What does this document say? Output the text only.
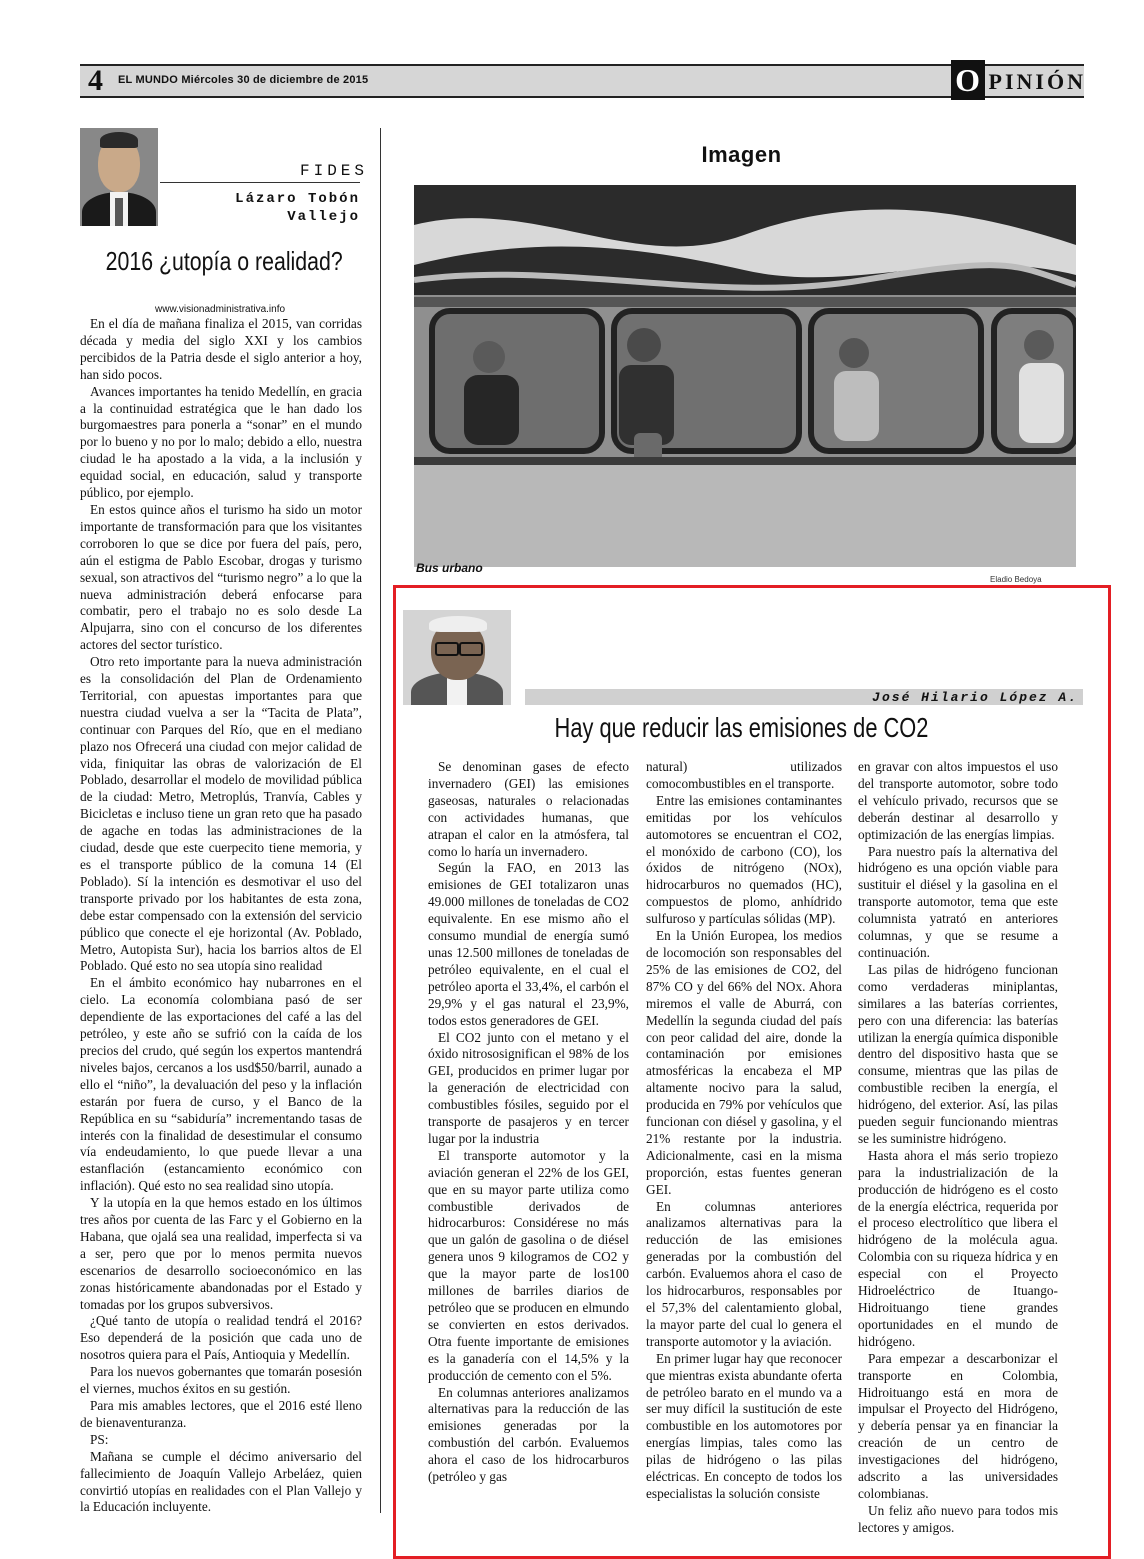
4 EL MUNDO Miércoles 30 de diciembre de 2015	O PINIÓN
FIDES
Lázaro Tobón Vallejo
2016 ¿utopía o realidad?
www.visionadministrativa.info

En el día de mañana finaliza el 2015, van corridas década y media del siglo XXI y los cambios percibidos de la Patria desde el siglo anterior a hoy, han sido pocos.

Avances importantes ha tenido Medellín, en gracia a la continuidad estratégica que le han dado los burgomaestres para ponerla a “sonar” en el mundo por lo bueno y no por lo malo; debido a ello, nuestra ciudad le ha apostado a la vida, a la inclusión y equidad social, en educación, salud y transporte público, por ejemplo.

En estos quince años el turismo ha sido un motor importante de transformación para que los visitantes corroboren lo que se dice por fuera del país, pero, aún el estigma de Pablo Escobar, drogas y turismo sexual, son atractivos del “turismo negro” a lo que la nueva administración deberá enfocarse para combatir, pero el trabajo no es solo desde La Alpujarra, sino con el concurso de los diferentes actores del sector turístico.

Otro reto importante para la nueva administración es la consolidación del Plan de Ordenamiento Territorial, con apuestas importantes para que nuestra ciudad vuelva a ser la “Tacita de Plata”, continuar con Parques del Río, que en el mediano plazo nos Ofrecerá una ciudad con mejor calidad de vida, finiquitar las obras de valorización de El Poblado, desarrollar el modelo de movilidad pública de la ciudad: Metro, Metroplús, Tranvía, Cables y Bicicletas e incluso tiene un gran reto que ha pasado de agache en todas las administraciones de la ciudad, desde que este cuerpecito tiene memoria, y es el transporte público de la comuna 14 (El Poblado). Sí la intención es desmotivar el uso del transporte privado por los habitantes de esta zona, debe estar compensado con la extensión del servicio público que conecte el eje horizontal (Av. Poblado, Metro, Autopista Sur), hacia los barrios altos de El Poblado. Qué esto no sea utopía sino realidad

En el ámbito económico hay nubarrones en el cielo. La economía colombiana pasó de ser dependiente de las exportaciones del café a las del petróleo, y este año se sufrió con la caída de los precios del crudo, qué según los expertos mantendrá niveles bajos, cercanos a los usd$50/barril, aunado a ello el “niño”, la devaluación del peso y la inflación estarán por fuera de curso, y el Banco de la República en su “sabiduría” incrementando tasas de interés con la finalidad de desestimular el consumo vía endeudamiento, lo que puede llevar a una estanflación (estancamiento económico con inflación). Qué esto no sea realidad sino utopía.

Y la utopía en la que hemos estado en los últimos tres años por cuenta de las Farc y el Gobierno en la Habana, que ojalá sea una realidad, imperfecta si va a ser, pero que por lo menos permita nuevos escenarios de desarrollo socioeconómico en las zonas históricamente abandonadas por el Estado y tomadas por los grupos subversivos.

¿Qué tanto de utopía o realidad tendrá el 2016? Eso dependerá de la posición que cada uno de nosotros quiera para el País, Antioquia y Medellín.

Para los nuevos gobernantes que tomarán posesión el viernes, muchos éxitos en su gestión.

Para mis amables lectores, que el 2016 esté lleno de bienaventuranza.

PS:

Mañana se cumple el décimo aniversario del fallecimiento de Joaquín Vallejo Arbeláez, quien convirtió utopías en realidades con el Plan Vallejo y la Educación incluyente.

Imagen
Bus urbano
Eladio Bedoya
José Hilario López A.
Hay que reducir las emisiones de CO2

Se denominan gases de efecto invernadero (GEI) las emisiones gaseosas, naturales o relacionadas con actividades humanas, que atrapan el calor en la atmósfera, tal como lo haría un invernadero.

Según la FAO, en 2013 las emisiones de GEI totalizaron unas 49.000 millones de toneladas de CO2 equivalente. En ese mismo año el consumo mundial de energía sumó unas 12.500 millones de toneladas de petróleo equivalente, en el cual el petróleo aporta el 33,4%, el carbón el 29,9% y el gas natural el 23,9%, todos estos generadores de GEI.

El CO2 junto con el metano y el óxido nitrososignifican el 98% de los GEI, producidos en primer lugar por la generación de electricidad con combustibles fósiles, seguido por el transporte de pasajeros y en tercer lugar por la industria

El transporte automotor y la aviación generan el 22% de los GEI, que en su mayor parte utiliza como combustible derivados de hidrocarburos: Considérese no más que un galón de gasolina o de diésel genera unos 9 kilogramos de CO2 y que la mayor parte de los100 millones de barriles diarios de petróleo que se producen en elmundo se convierten en estos derivados. Otra fuente importante de emisiones es la ganadería con el 14,5% y la producción de cemento con el 5%.

En columnas anteriores analizamos alternativas para la reducción de las emisiones generadas por la combustión del carbón. Evaluemos ahora el caso de los hidrocarburos (petróleo y gas

natural) utilizados comocombustibles en el transporte.

Entre las emisiones contaminantes emitidas por los vehículos automotores se encuentran el CO2, el monóxido de carbono (CO), los óxidos de nitrógeno (NOx), hidrocarburos no quemados (HC), compuestos de plomo, anhídrido sulfuroso y partículas sólidas (MP).

En la Unión Europea, los medios de locomoción son responsables del 25% de las emisiones de CO2, del 87% CO y del 66% del NOx. Ahora miremos el valle de Aburrá, con Medellín la segunda ciudad del país con peor calidad del aire, donde la contaminación por emisiones atmosféricas la encabeza el MP altamente nocivo para la salud, producida en 79% por vehículos que funcionan con diésel y gasolina, y el 21% restante por la industria. Adicionalmente, casi en la misma proporción, estas fuentes generan GEI.

En columnas anteriores analizamos alternativas para la reducción de las emisiones generadas por la combustión del carbón. Evaluemos ahora el caso de los hidrocarburos, responsables por el 57,3% del calentamiento global, la mayor parte del cual lo genera el transporte automotor y la aviación.

En primer lugar hay que reconocer que mientras exista abundante oferta de petróleo barato en el mundo va a ser muy difícil la sustitución de este combustible en los automotores por energías limpias, tales como las pilas de hidrógeno o las pilas eléctricas. En concepto de todos los especialistas la solución consiste

en gravar con altos impuestos el uso del transporte automotor, sobre todo el vehículo privado, recursos que se deberán destinar al desarrollo y optimización de las energías limpias.

Para nuestro país la alternativa del hidrógeno es una opción viable para sustituir el diésel y la gasolina en el transporte automotor, tema que este columnista yatrató en anteriores columnas, y que se resume a continuación.

Las pilas de hidrógeno funcionan como verdaderas miniplantas, similares a las baterías corrientes, pero con una diferencia: las baterías utilizan la energía química disponible dentro del dispositivo hasta que se consume, mientras que las pilas de combustible reciben la energía, el hidrógeno, del exterior. Así, las pilas pueden seguir funcionando mientras se les suministre hidrógeno.

Hasta ahora el más serio tropiezo para la industrialización de la producción de hidrógeno es el costo de la energía eléctrica, requerida por el proceso electrolítico que libera el hidrógeno de la molécula agua. Colombia con su riqueza hídrica y en especial con el Proyecto Hidroeléctrico de Ituango-Hidroituango tiene grandes oportunidades en el mundo de hidrógeno.

Para empezar a descarbonizar el transporte en Colombia, Hidroituango está en mora de impulsar el Proyecto del Hidrógeno, y debería pensar ya en financiar la creación de un centro de investigaciones del hidrógeno, adscrito a las universidades colombianas.

Un feliz año nuevo para todos mis lectores y amigos.
